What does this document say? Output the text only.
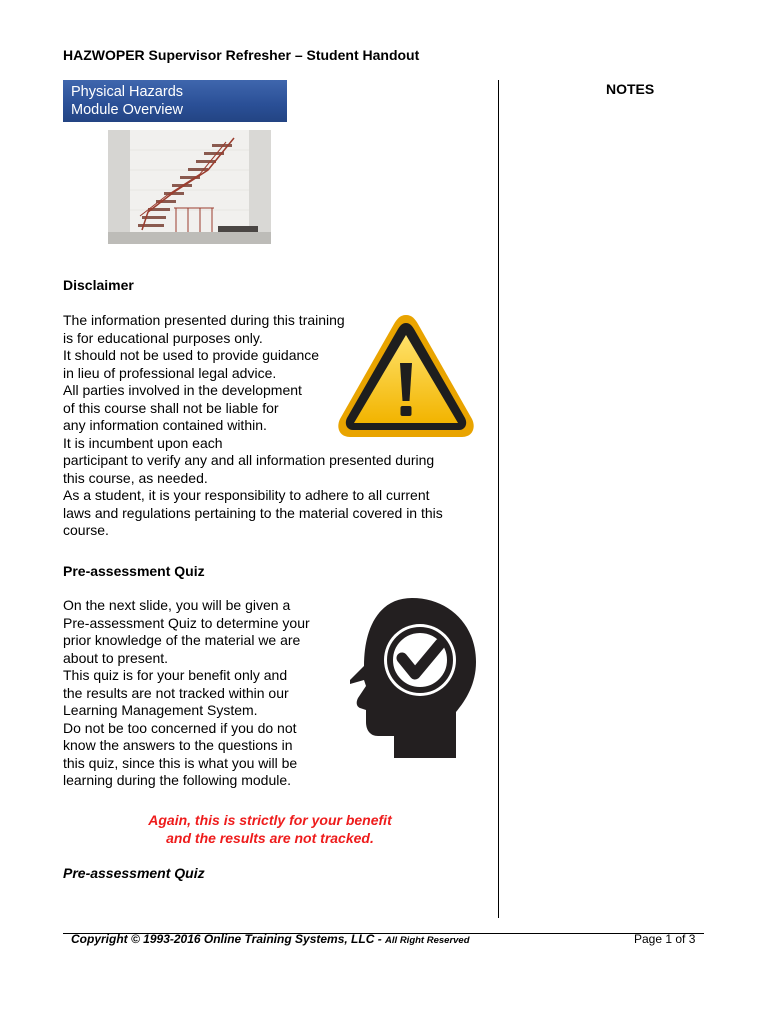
HAZWOPER Supervisor Refresher – Student Handout
NOTES
Physical Hazards
Module Overview
Disclaimer
The information presented during this training
is for educational purposes only.
It should not be used to provide guidance
in lieu of professional legal advice.
All parties involved in the development
of this course shall not be liable for
any information contained within.
It is incumbent upon each
participant to verify any and all information presented during
this course, as needed.
As a student, it is your responsibility to adhere to all current
laws and regulations pertaining to the material covered in this
course.
Pre-assessment Quiz
On the next slide, you will be given a
Pre-assessment Quiz to determine your
prior knowledge of the material we are
about to present.
This quiz is for your benefit only and
the results are not tracked within our
Learning Management System.
Do not be too concerned if you do not
know the answers to the questions in
this quiz, since this is what you will be
learning during the following module.
Again, this is strictly for your benefit
and the results are not tracked.
Pre-assessment Quiz
Copyright © 1993-2016 Online Training Systems, LLC - All Right Reserved	Page 1 of 3
